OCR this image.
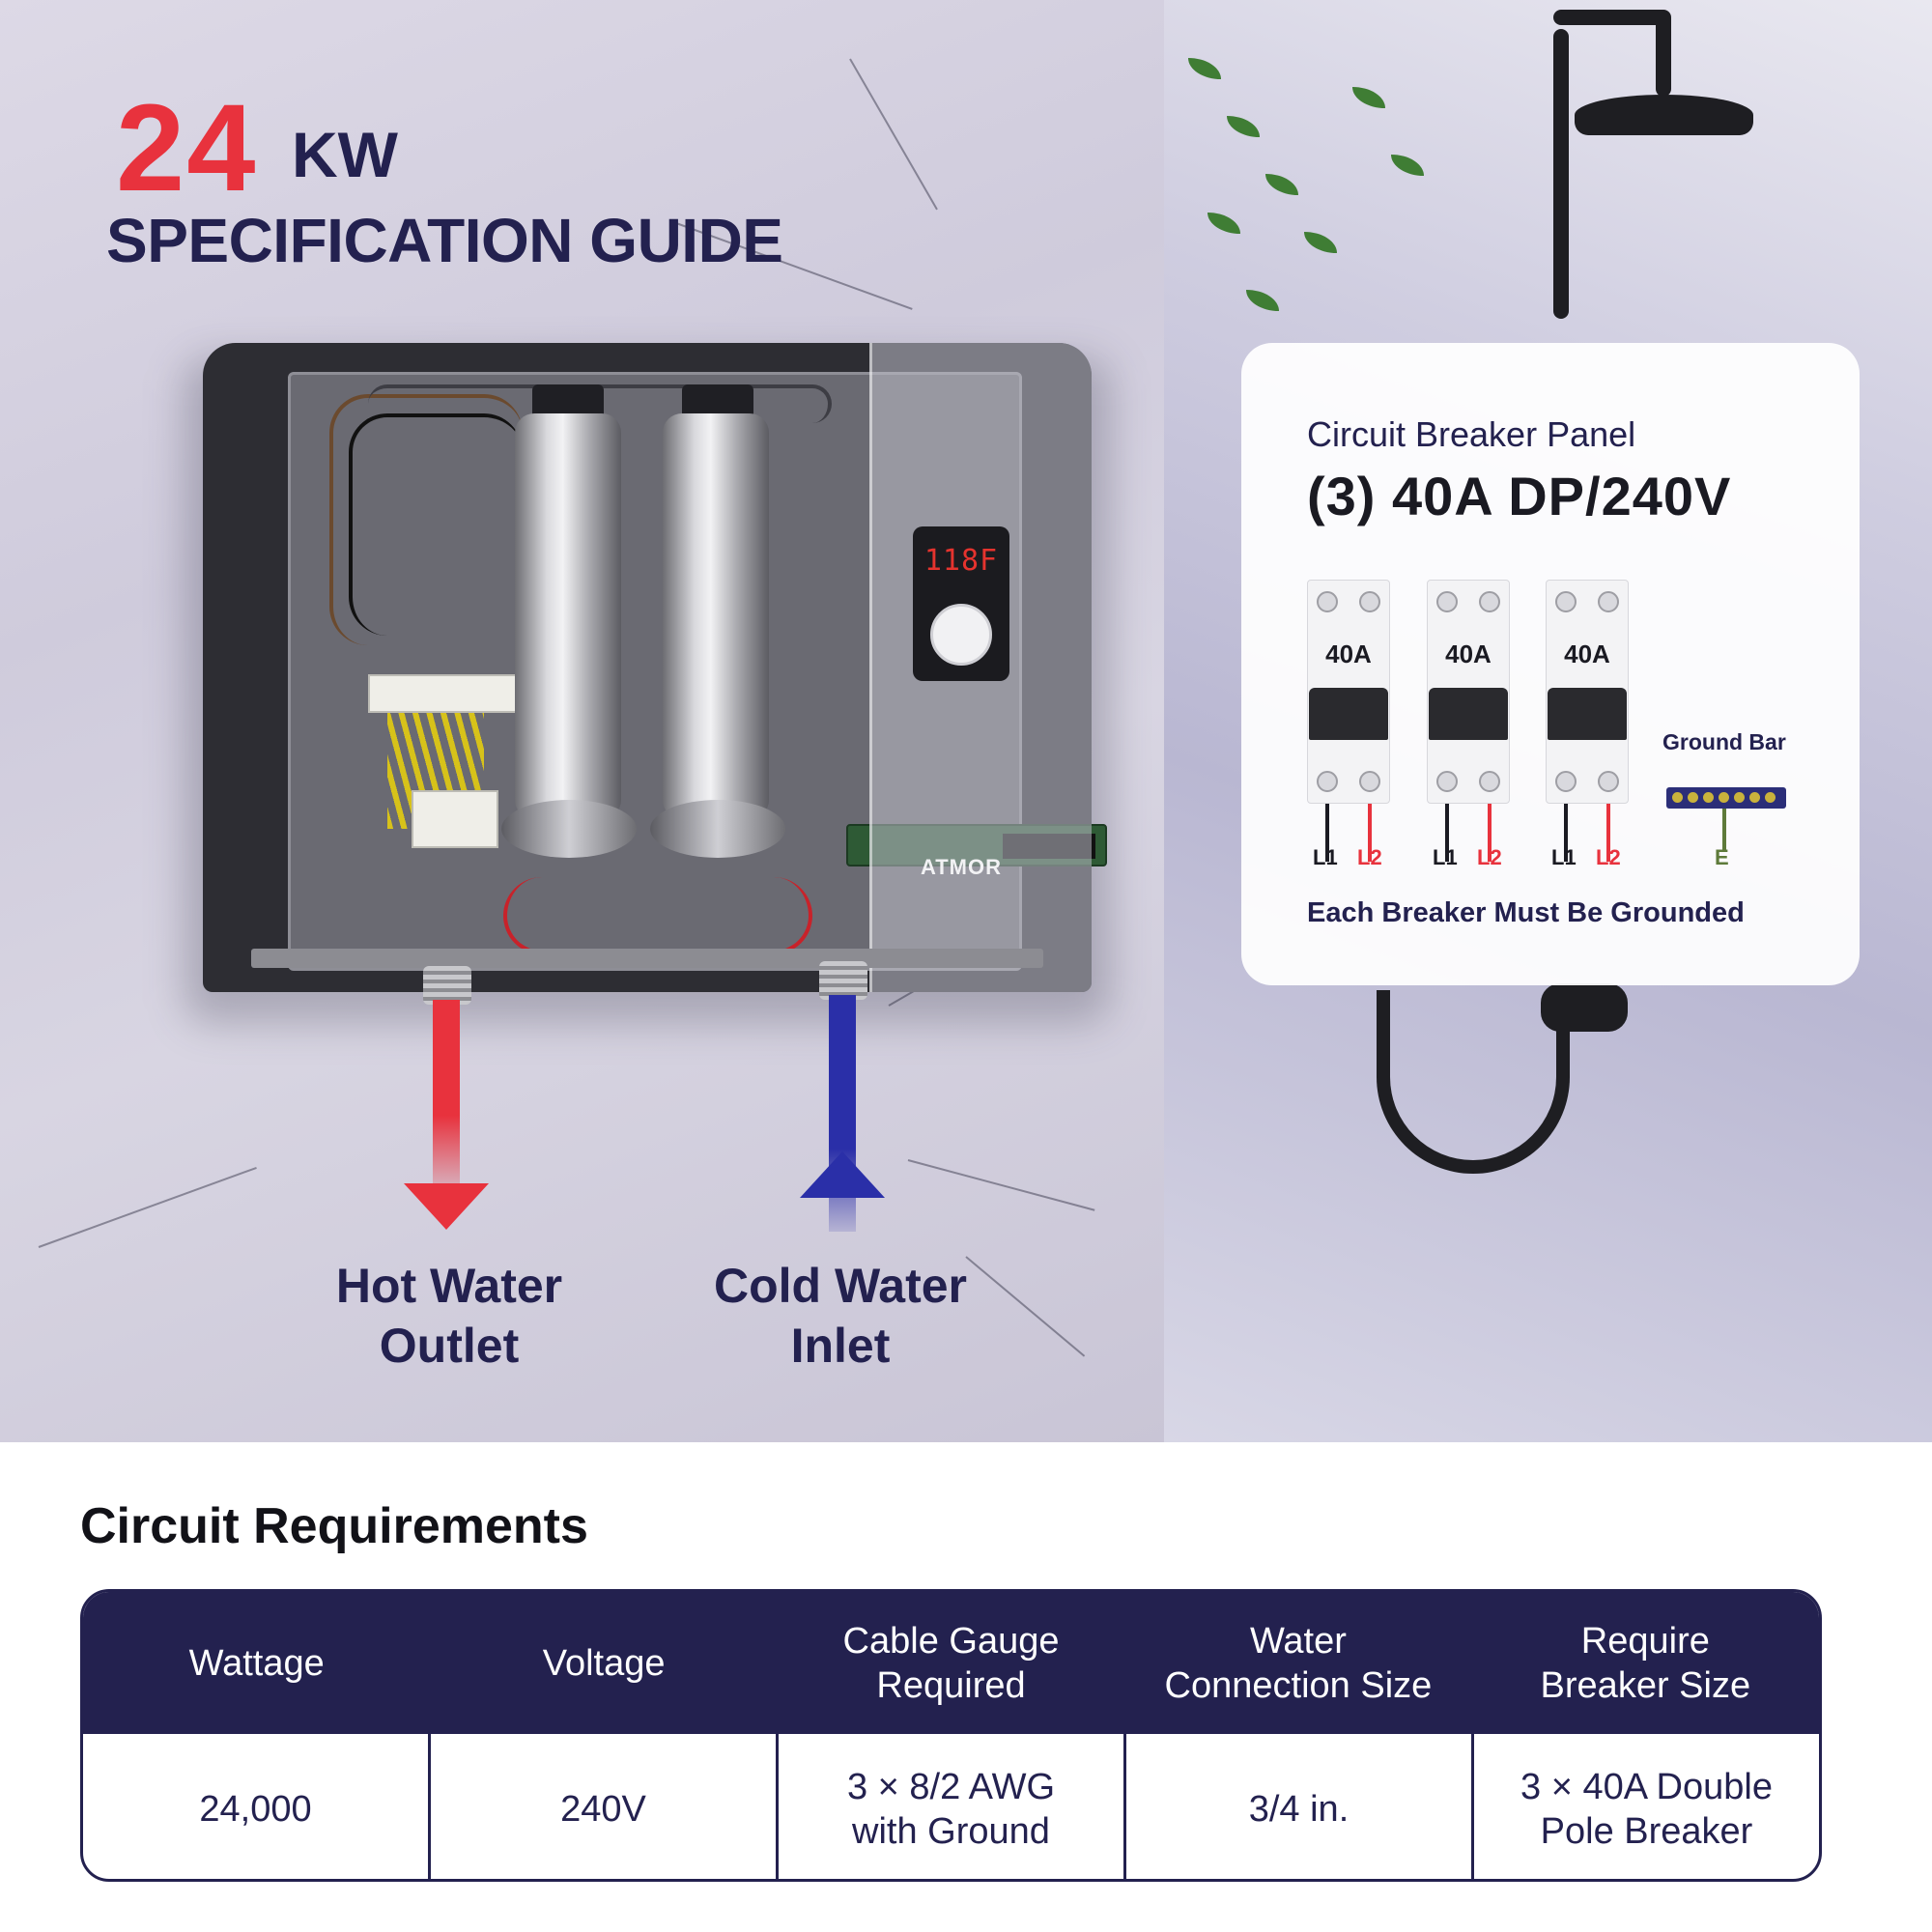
24 KW
SPECIFICATION GUIDE
118F
ATMOR
Hot Water
Outlet
Cold Water
Inlet
Circuit Breaker Panel
(3) 40A DP/240V
40A
L1 L2
40A
L1 L2
40A
L1 L2
Ground Bar
E
Each Breaker Must Be Grounded
Circuit Requirements
Wattage	Voltage
Cable Gauge
Required
Water
Connection Size
Require
Breaker Size
24,000	240V
3 × 8/2 AWG
with Ground
3/4 in.
3 × 40A Double
Pole Breaker
